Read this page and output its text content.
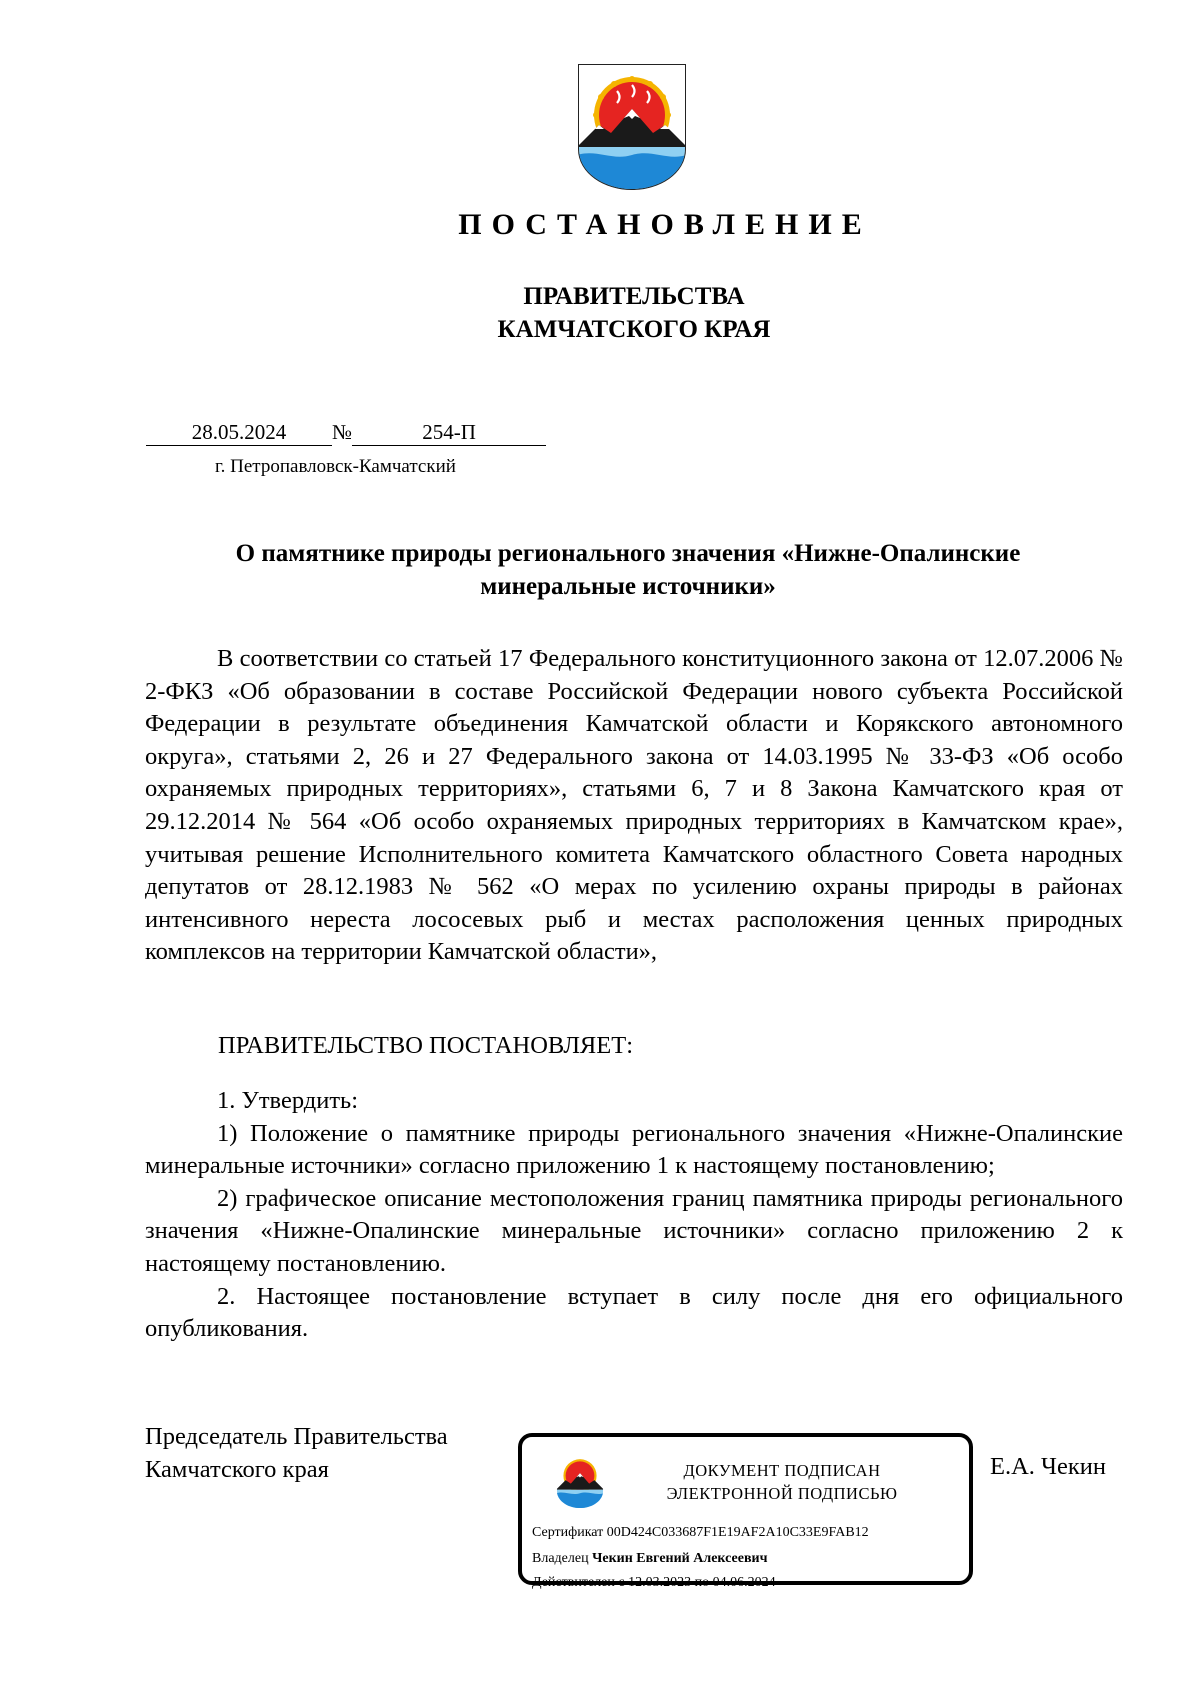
ПОСТАНОВЛЕНИЕ
ПРАВИТЕЛЬСТВА
КАМЧАТСКОГО КРАЯ
28.05.2024 №	254-П
г. Петропавловск-Камчатский
О памятнике природы регионального значения «Нижне-Опалинские
минеральные источники»

В соответствии со статьей 17 Федерального конституционного закона от 12.07.2006 № 2-ФКЗ «Об образовании в составе Российской Федерации нового субъекта Российской Федерации в результате объединения Камчатской области и Корякского автономного округа», статьями 2, 26 и 27 Федерального закона от 14.03.1995 № 33-ФЗ «Об особо охраняемых природных территориях», статьями 6, 7 и 8 Закона Камчатского края от 29.12.2014 № 564 «Об особо охраняемых природных территориях в Камчатском крае», учитывая решение Исполнительного комитета Камчатского областного Совета народных депутатов от 28.12.1983 № 562 «О мерах по усилению охраны природы в районах интенсивного нереста лососевых рыб и местах расположения ценных природных комплексов на территории Камчатской области»,

ПРАВИТЕЛЬСТВО ПОСТАНОВЛЯЕТ:

1. Утвердить:

1) Положение о памятнике природы регионального значения «Нижне-Опалинские минеральные источники» согласно приложению 1 к настоящему постановлению;

2) графическое описание местоположения границ памятника природы регионального значения «Нижне-Опалинские минеральные источники» согласно приложению 2 к настоящему постановлению.

2. Настоящее постановление вступает в силу после дня его официального опубликования.

Председатель Правительства
Камчатского края	ДОКУМЕНТ ПОДПИСАН
ЭЛЕКТРОННОЙ ПОДПИСЬЮ
Сертификат 00D424C033687F1E19AF2A10C33E9FAB12
Владелец Чекин Евгений Алексеевич
Действителен с 12.03.2023 по 04.06.2024
Е.А. Чекин
